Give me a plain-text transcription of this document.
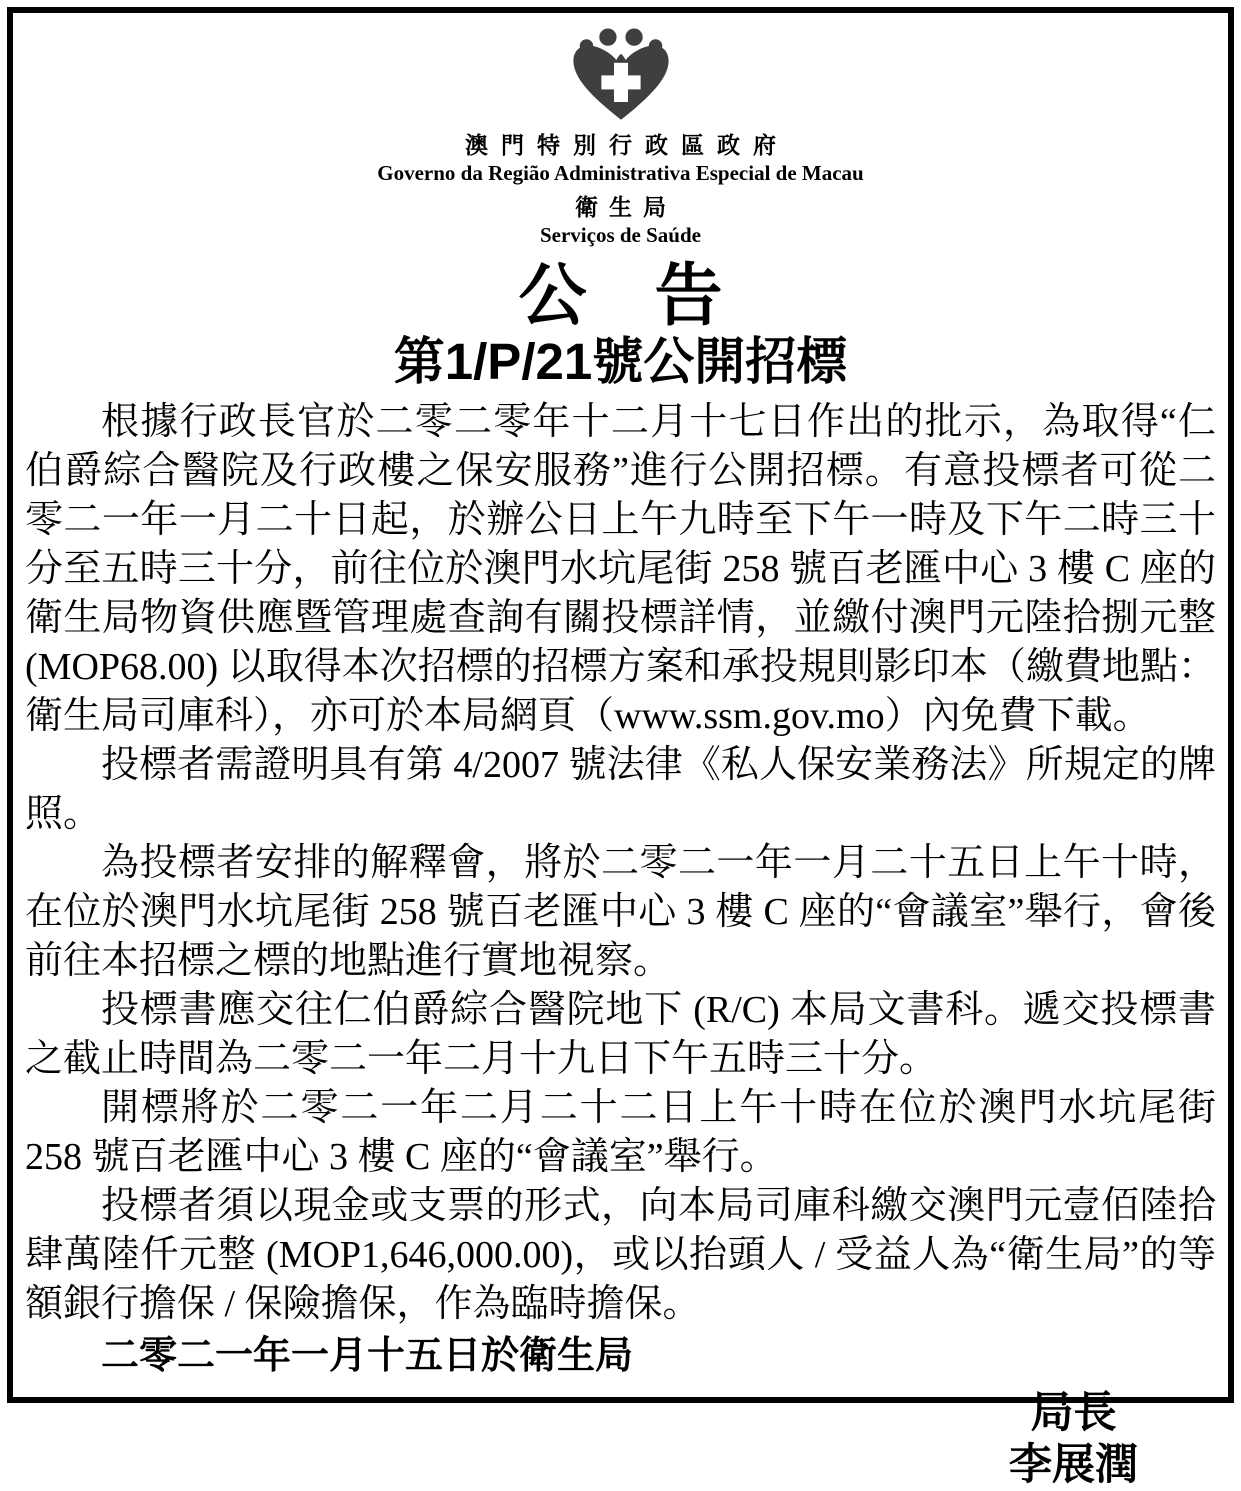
澳門特別行政區政府
Governo da Região Administrativa Especial de Macau
衛生局
Serviços de Saúde
公　告
第1/P/21號公開招標

根據行政長官於二零二零年十二月十七日作出的批示，為取得“仁伯爵綜合醫院及行政樓之保安服務”進行公開招標。有意投標者可從二零二一年一月二十日起，於辦公日上午九時至下午一時及下午二時三十分至五時三十分，前往位於澳門水坑尾街 258 號百老匯中心 3 樓 C 座的衛生局物資供應暨管理處查詢有關投標詳情，並繳付澳門元陸拾捌元整 (MOP68.00) 以取得本次招標的招標方案和承投規則影印本（繳費地點：衛生局司庫科），亦可於本局網頁（www.ssm.gov.mo）內免費下載。

投標者需證明具有第 4/2007 號法律《私人保安業務法》所規定的牌照。

為投標者安排的解釋會，將於二零二一年一月二十五日上午十時，在位於澳門水坑尾街 258 號百老匯中心 3 樓 C 座的“會議室”舉行，會後前往本招標之標的地點進行實地視察。

投標書應交往仁伯爵綜合醫院地下 (R/C) 本局文書科。遞交投標書之截止時間為二零二一年二月十九日下午五時三十分。

開標將於二零二一年二月二十二日上午十時在位於澳門水坑尾街 258 號百老匯中心 3 樓 C 座的“會議室”舉行。

投標者須以現金或支票的形式，向本局司庫科繳交澳門元壹佰陸拾肆萬陸仟元整 (MOP1,646,000.00)，或以抬頭人 / 受益人為“衛生局”的等額銀行擔保 / 保險擔保，作為臨時擔保。

二零二一年一月十五日於衛生局
局長
李展潤
